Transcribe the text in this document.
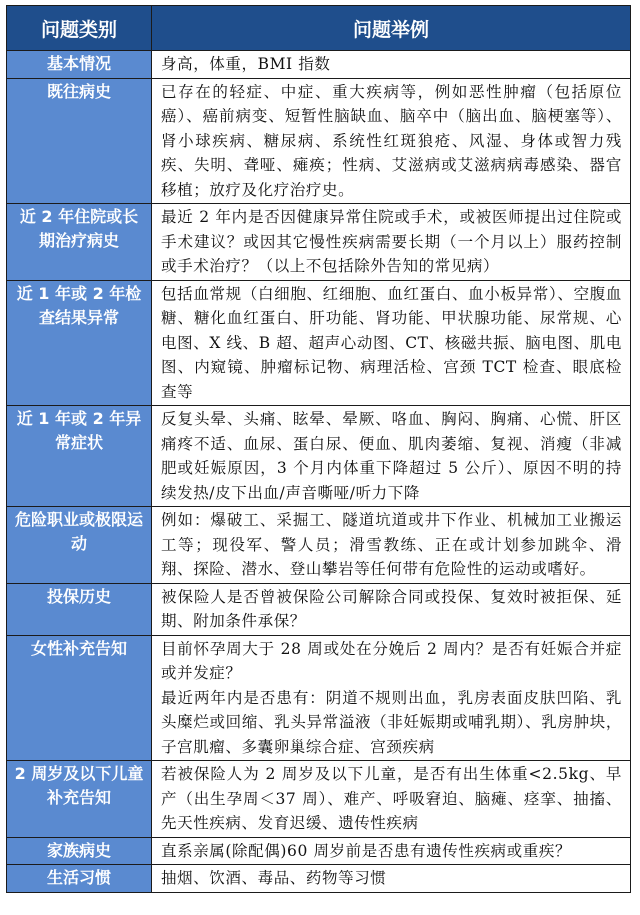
问题类别	问题举例
基本情况	身高，体重，BMI 指数

既往病史	已存在的轻症、中症、重大疾病等，例如恶性肿瘤（包括原位癌）、癌前病变、短暂性脑缺血、脑卒中（脑出血、脑梗塞等）、肾小球疾病、糖尿病、系统性红斑狼疮、风湿、身体或智力残疾、失明、聋哑、瘫痪；性病、艾滋病或艾滋病病毒感染、器官移植；放疗及化疗治疗史。

近 2 年住院或长期治疗病史	最近 2 年内是否因健康异常住院或手术，或被医师提出过住院或手术建议？或因其它慢性疾病需要长期（一个月以上）服药控制或手术治疗？（以上不包括除外告知的常见病）

近 1 年或 2 年检查结果异常	包括血常规（白细胞、红细胞、血红蛋白、血小板异常）、空腹血糖、糖化血红蛋白、肝功能、肾功能、甲状腺功能、尿常规、心电图、X 线、B 超、超声心动图、CT、核磁共振、脑电图、肌电图、内窥镜、肿瘤标记物、病理活检、宫颈 TCT 检查、眼底检查等

近 1 年或 2 年异常症状	反复头晕、头痛、眩晕、晕厥、咯血、胸闷、胸痛、心慌、肝区痛疼不适、血尿、蛋白尿、便血、肌肉萎缩、复视、消瘦（非减肥或妊娠原因，3 个月内体重下降超过 5 公斤）、原因不明的持续发热/皮下出血/声音嘶哑/听力下降

危险职业或极限运动	例如：爆破工、采掘工、隧道坑道或井下作业、机械加工业搬运工等；现役军、警人员；滑雪教练、正在或计划参加跳伞、滑翔、探险、潜水、登山攀岩等任何带有危险性的运动或嗜好。

投保历史	被保险人是否曾被保险公司解除合同或投保、复效时被拒保、延期、附加条件承保？

女性补充告知	目前怀孕周大于 28 周或处在分娩后 2 周内？是否有妊娠合并症或并发症？

最近两年内是否患有：阴道不规则出血，乳房表面皮肤凹陷、乳头糜烂或回缩、乳头异常溢液（非妊娠期或哺乳期）、乳房肿块，子宫肌瘤、多囊卵巢综合症、宫颈疾病

2 周岁及以下儿童补充告知	若被保险人为 2 周岁及以下儿童，是否有出生体重<2.5kg、早产（出生孕周＜37 周）、难产、呼吸窘迫、脑瘫、痉挛、抽搐、先天性疾病、发育迟缓、遗传性疾病

家族病史	直系亲属(除配偶)60 周岁前是否患有遗传性疾病或重疾？

生活习惯	抽烟、饮酒、毒品、药物等习惯
